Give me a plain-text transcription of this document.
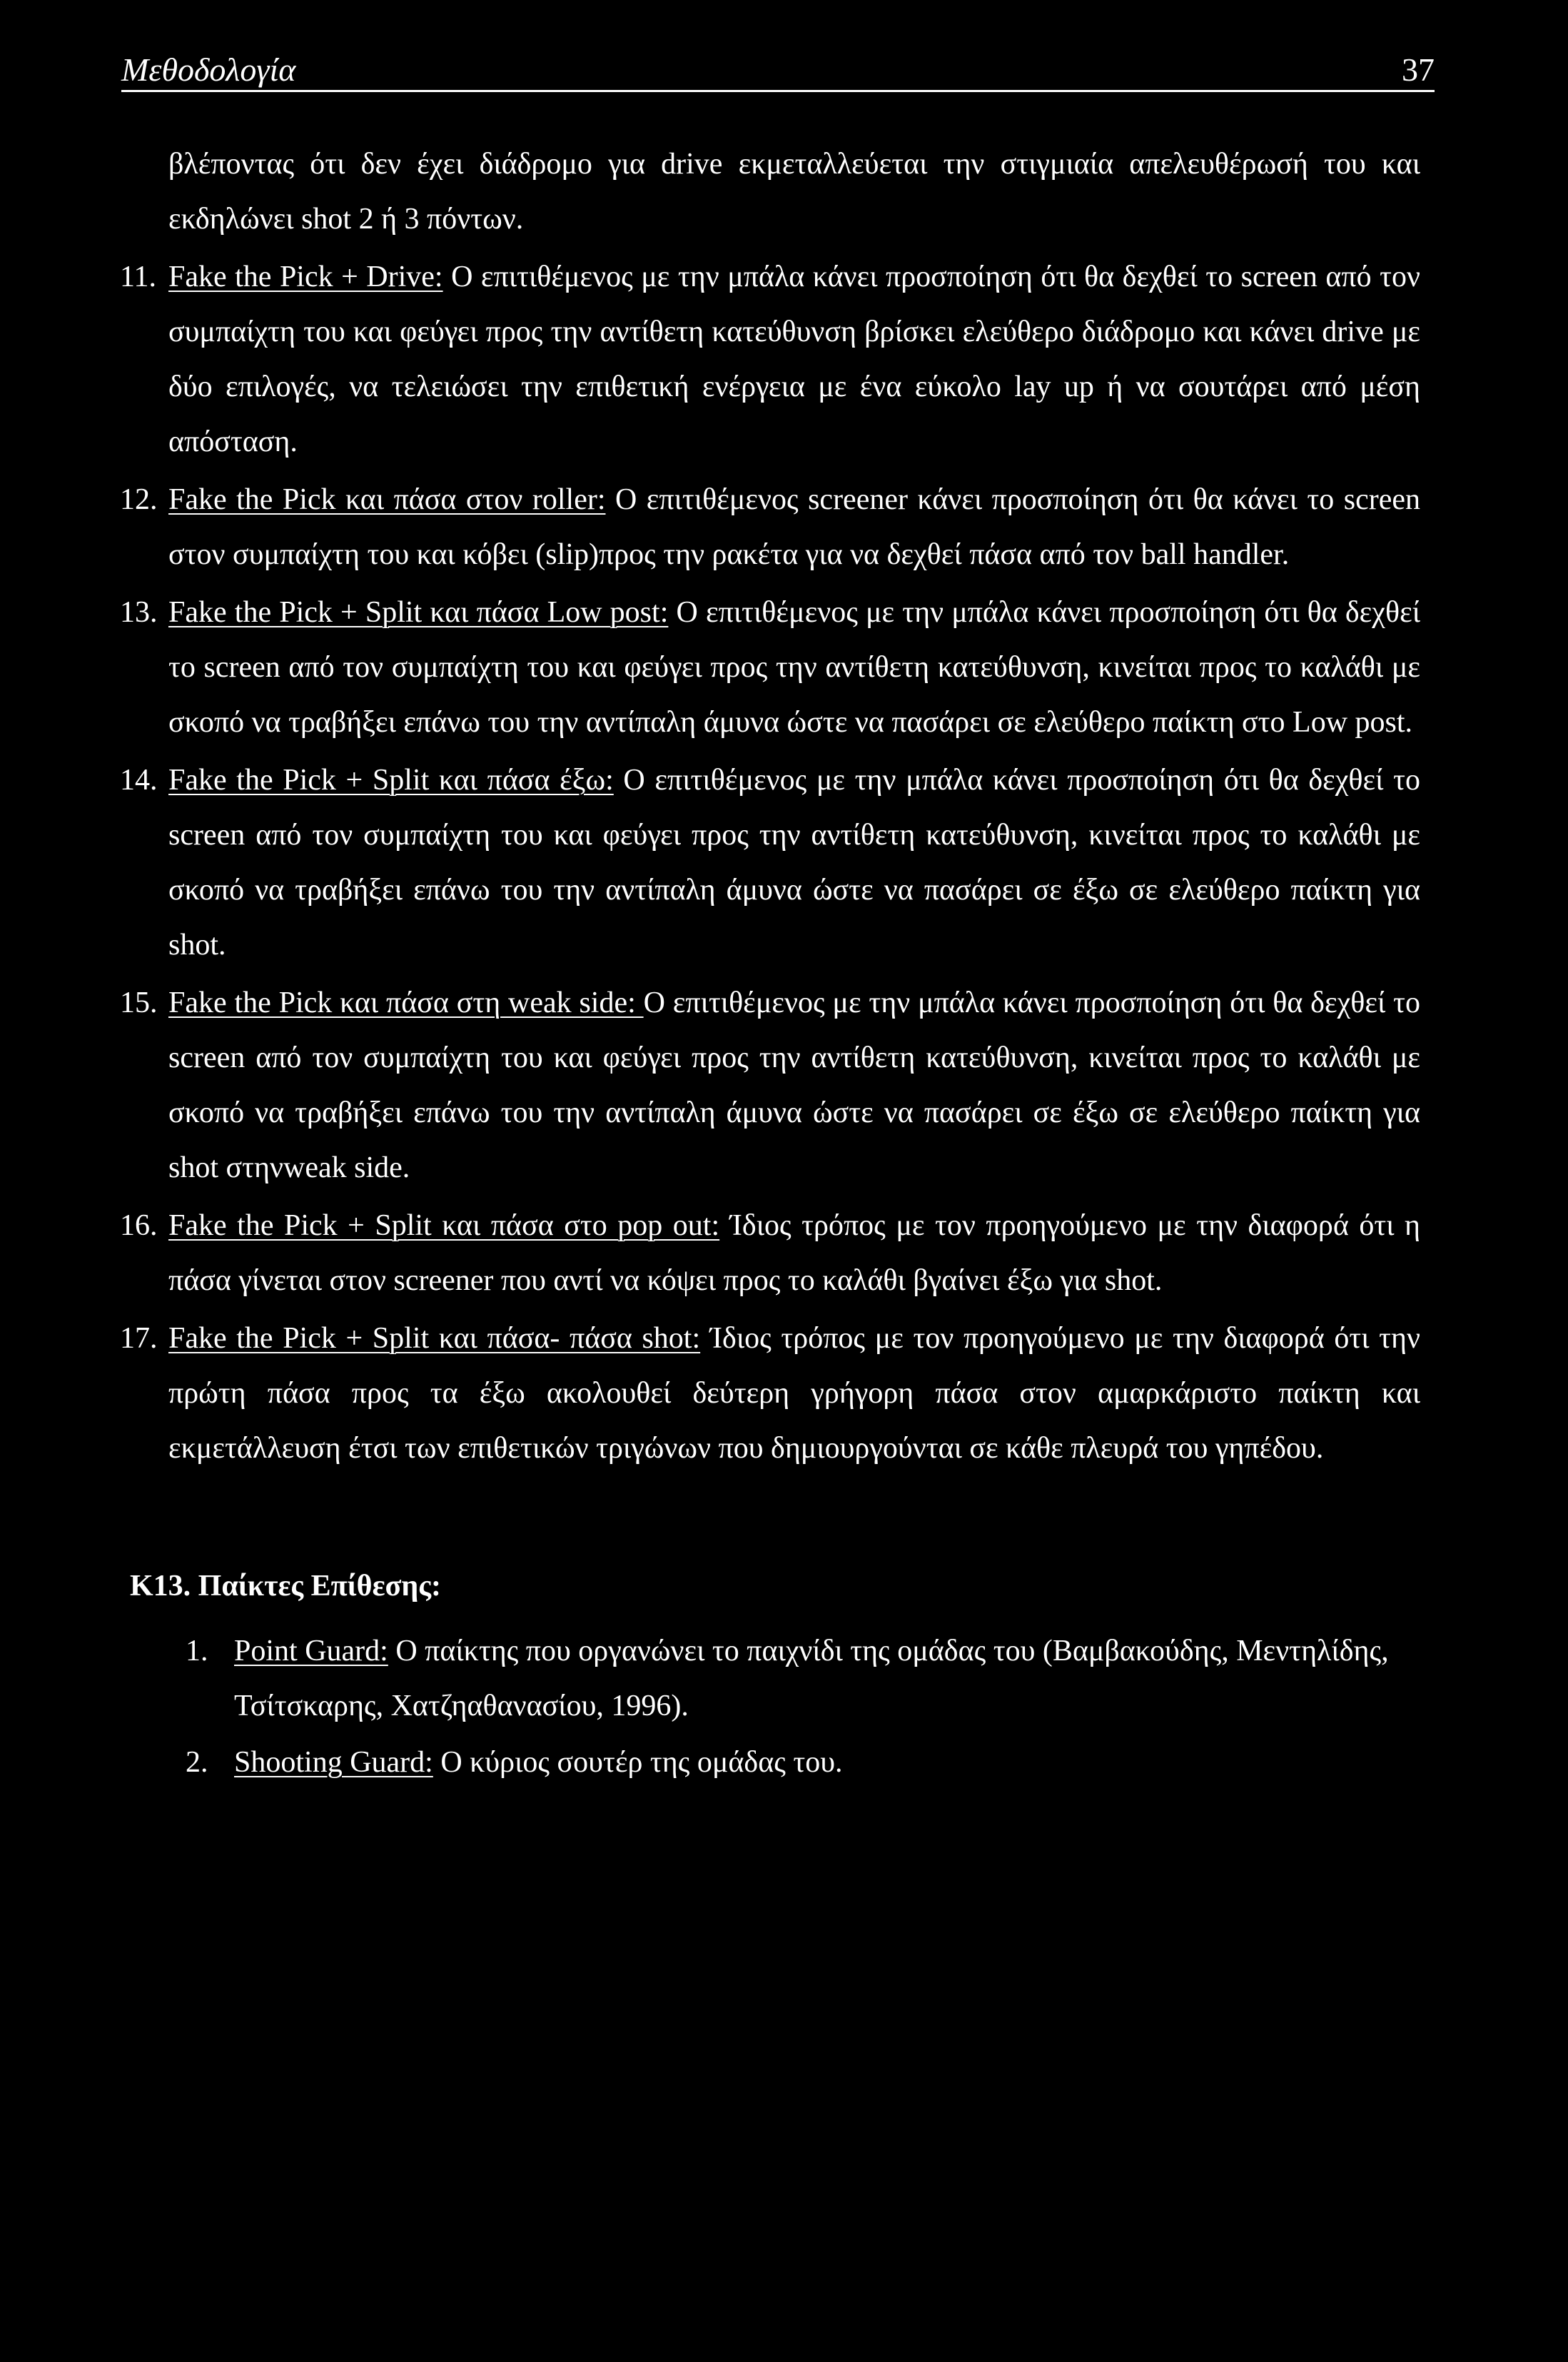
Μεθοδολογία	37

βλέποντας ότι δεν έχει διάδρομο για drive εκμεταλλεύεται την στιγμιαία απελευθέρωσή του και εκδηλώνει shot 2 ή 3 πόντων.

11. Fake the Pick + Drive: Ο επιτιθέμενος με την μπάλα κάνει προσποίηση ότι θα δεχθεί το screen από τον συμπαίχτη του και φεύγει προς την αντίθετη κατεύθυνση βρίσκει ελεύθερο διάδρομο και κάνει drive με δύο επιλογές, να τελειώσει την επιθετική ενέργεια με ένα εύκολο lay up ή να σουτάρει από μέση απόσταση.
12. Fake the Pick και πάσα στον roller: Ο επιτιθέμενος screener κάνει προσποίηση ότι θα κάνει το screen στον συμπαίχτη του και κόβει (slip)προς την ρακέτα για να δεχθεί πάσα από τον ball handler.
13. Fake the Pick + Split και πάσα Low post: Ο επιτιθέμενος με την μπάλα κάνει προσποίηση ότι θα δεχθεί το screen από τον συμπαίχτη του και φεύγει προς την αντίθετη κατεύθυνση, κινείται προς το καλάθι με σκοπό να τραβήξει επάνω του την αντίπαλη άμυνα ώστε να πασάρει σε ελεύθερο παίκτη στο Low post.
14. Fake the Pick + Split και πάσα έξω: Ο επιτιθέμενος με την μπάλα κάνει προσποίηση ότι θα δεχθεί το screen από τον συμπαίχτη του και φεύγει προς την αντίθετη κατεύθυνση, κινείται προς το καλάθι με σκοπό να τραβήξει επάνω του την αντίπαλη άμυνα ώστε να πασάρει σε έξω σε ελεύθερο παίκτη για shot.
15. Fake the Pick και πάσα στη weak side: Ο επιτιθέμενος με την μπάλα κάνει προσποίηση ότι θα δεχθεί το screen από τον συμπαίχτη του και φεύγει προς την αντίθετη κατεύθυνση, κινείται προς το καλάθι με σκοπό να τραβήξει επάνω του την αντίπαλη άμυνα ώστε να πασάρει σε έξω σε ελεύθερο παίκτη για shot στηνweak side.
16. Fake the Pick + Split και πάσα στο pop out: Ίδιος τρόπος με τον προηγούμενο με την διαφορά ότι η πάσα γίνεται στον screener που αντί να κόψει προς το καλάθι βγαίνει έξω για shot.
17. Fake the Pick + Split και πάσα- πάσα shot: Ίδιος τρόπος με τον προηγούμενο με την διαφορά ότι την πρώτη πάσα προς τα έξω ακολουθεί δεύτερη γρήγορη πάσα στον αμαρκάριστο παίκτη και εκμετάλλευση έτσι των επιθετικών τριγώνων που δημιουργούνται σε κάθε πλευρά του γηπέδου.
Κ13. Παίκτες Επίθεσης:
1. Point Guard: Ο παίκτης που οργανώνει το παιχνίδι της ομάδας του (Βαμβακούδης, Μεντηλίδης, Τσίτσκαρης, Χατζηαθανασίου, 1996).
2. Shooting Guard: Ο κύριος σουτέρ της ομάδας του.
